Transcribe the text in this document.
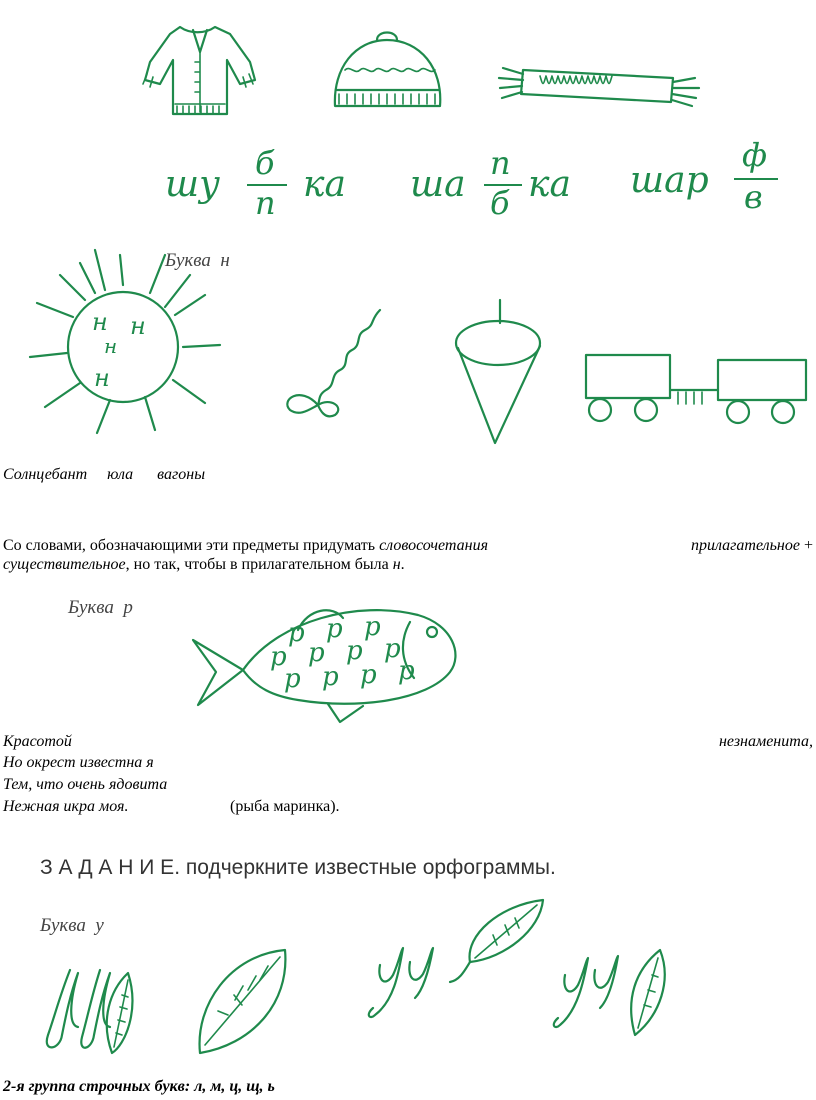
шу
б
п ка ша
п
б ка шар
ф
в
Буква  н
н н
н
н
Солнцебант     юла      вагоны
Со словами, обозначающими эти предметы придумать словосочетания	прилагательное +
существительное, но так, чтобы в прилагательном была н.
Буква  р
р р р
р р р р
р р р р
Красотой	незнаменита,
Но окрест известна я
Тем, что очень ядовита
Нежная икра моя.	(рыба маринка).
З А Д А Н И Е. подчеркните известные орфограммы.
Буква  у
2-я группа строчных букв: л, м, ц, щ, ь
